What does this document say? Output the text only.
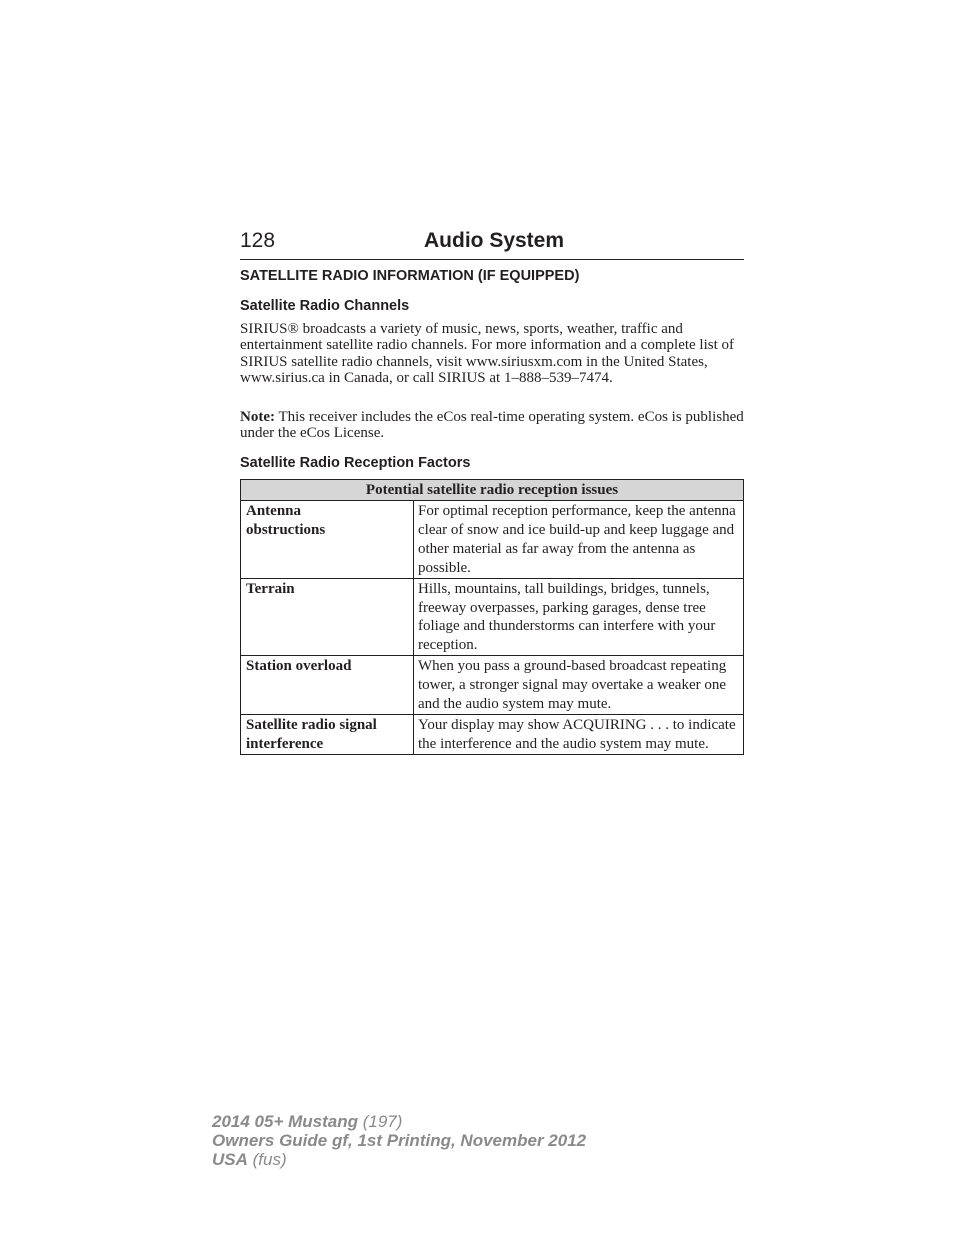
128	Audio System
SATELLITE RADIO INFORMATION (IF EQUIPPED)
Satellite Radio Channels
SIRIUS® broadcasts a variety of music, news, sports, weather, traffic and entertainment satellite radio channels. For more information and a complete list of SIRIUS satellite radio channels, visit www.siriusxm.com in the United States, www.sirius.ca in Canada, or call SIRIUS at 1–888–539–7474.
Note: This receiver includes the eCos real-time operating system. eCos is published under the eCos License.
Satellite Radio Reception Factors
Potential satellite radio reception issues	
Antenna
obstructions	For optimal reception performance, keep the antenna clear of snow and ice build-up and keep luggage and other material as far away from the antenna as possible.
Terrain	Hills, mountains, tall buildings, bridges, tunnels, freeway overpasses, parking garages, dense tree foliage and thunderstorms can interfere with your reception.
Station overload	When you pass a ground-based broadcast repeating tower, a stronger signal may overtake a weaker one and the audio system may mute.
Satellite radio signal
interference	Your display may show ACQUIRING . . . to indicate the interference and the audio system may mute.
2014 05+ Mustang (197)
Owners Guide gf, 1st Printing, November 2012
USA (fus)
